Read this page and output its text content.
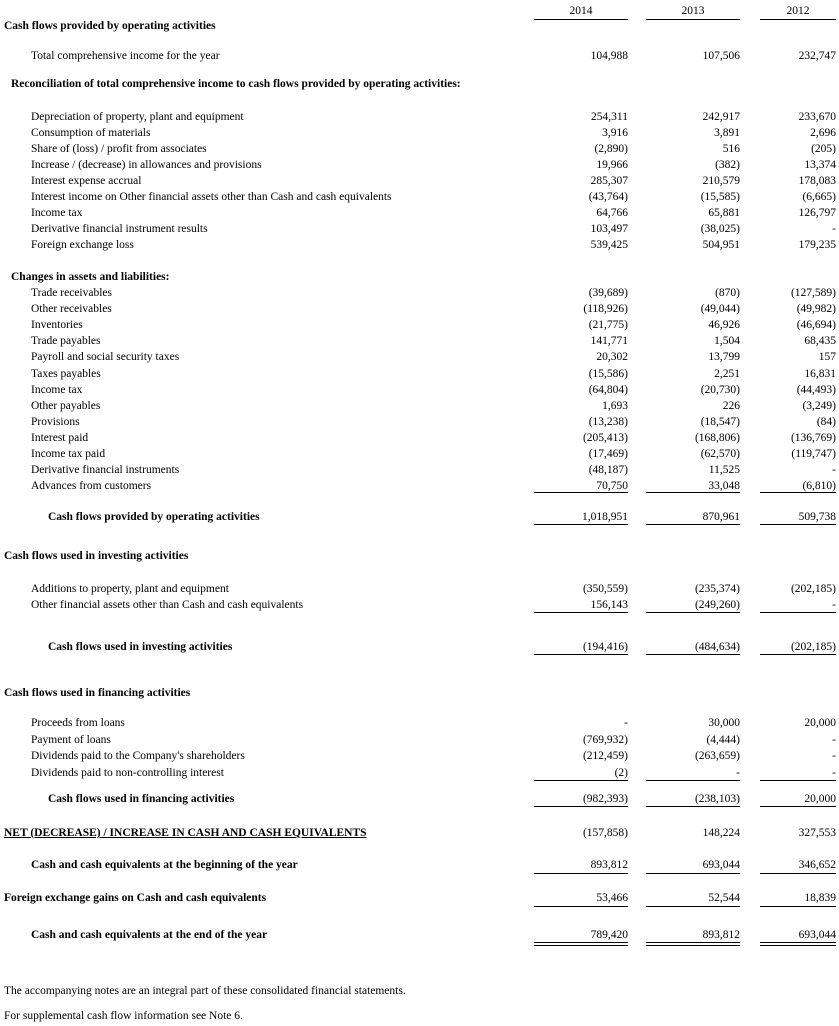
2014	2013	2012
Cash flows provided by operating activities
Total comprehensive income for the year	104,988	107,506	232,747
Reconciliation of total comprehensive income to cash flows provided by operating activities:
Depreciation of property, plant and equipment	254,311	242,917	233,670
Consumption of materials	3,916	3,891	2,696
Share of (loss) / profit from associates	(2,890)	516	(205)
Increase / (decrease) in allowances and provisions	19,966	(382)	13,374
Interest expense accrual	285,307	210,579	178,083
Interest income on Other financial assets other than Cash and cash equivalents	(43,764)	(15,585)	(6,665)
Income tax	64,766	65,881	126,797
Derivative financial instrument results	103,497	(38,025)	-
Foreign exchange loss	539,425	504,951	179,235
Changes in assets and liabilities:
Trade receivables	(39,689)	(870)	(127,589)
Other receivables	(118,926)	(49,044)	(49,982)
Inventories	(21,775)	46,926	(46,694)
Trade payables	141,771	1,504	68,435
Payroll and social security taxes	20,302	13,799	157
Taxes payables	(15,586)	2,251	16,831
Income tax	(64,804)	(20,730)	(44,493)
Other payables	1,693	226	(3,249)
Provisions	(13,238)	(18,547)	(84)
Interest paid	(205,413)	(168,806)	(136,769)
Income tax paid	(17,469)	(62,570)	(119,747)
Derivative financial instruments	(48,187)	11,525	-
Advances from customers	70,750	33,048	(6,810)
Cash flows provided by operating activities	1,018,951	870,961	509,738
Cash flows used in investing activities
Additions to property, plant and equipment	(350,559)	(235,374)	(202,185)
Other financial assets other than Cash and cash equivalents	156,143	(249,260)	-
Cash flows used in investing activities	(194,416)	(484,634)	(202,185)
Cash flows used in financing activities
Proceeds from loans	-	30,000	20,000
Payment of loans	(769,932)	(4,444)	-
Dividends paid to the Company's shareholders	(212,459)	(263,659)	-
Dividends paid to non-controlling interest	(2)	-	-
Cash flows used in financing activities	(982,393)	(238,103)	20,000
NET (DECREASE) / INCREASE IN CASH AND CASH EQUIVALENTS	(157,858)	148,224	327,553
Cash and cash equivalents at the beginning of the year	893,812	693,044	346,652
Foreign exchange gains on Cash and cash equivalents	53,466	52,544	18,839
Cash and cash equivalents at the end of the year	789,420	893,812	693,044
The accompanying notes are an integral part of these consolidated financial statements.
For supplemental cash flow information see Note 6.
